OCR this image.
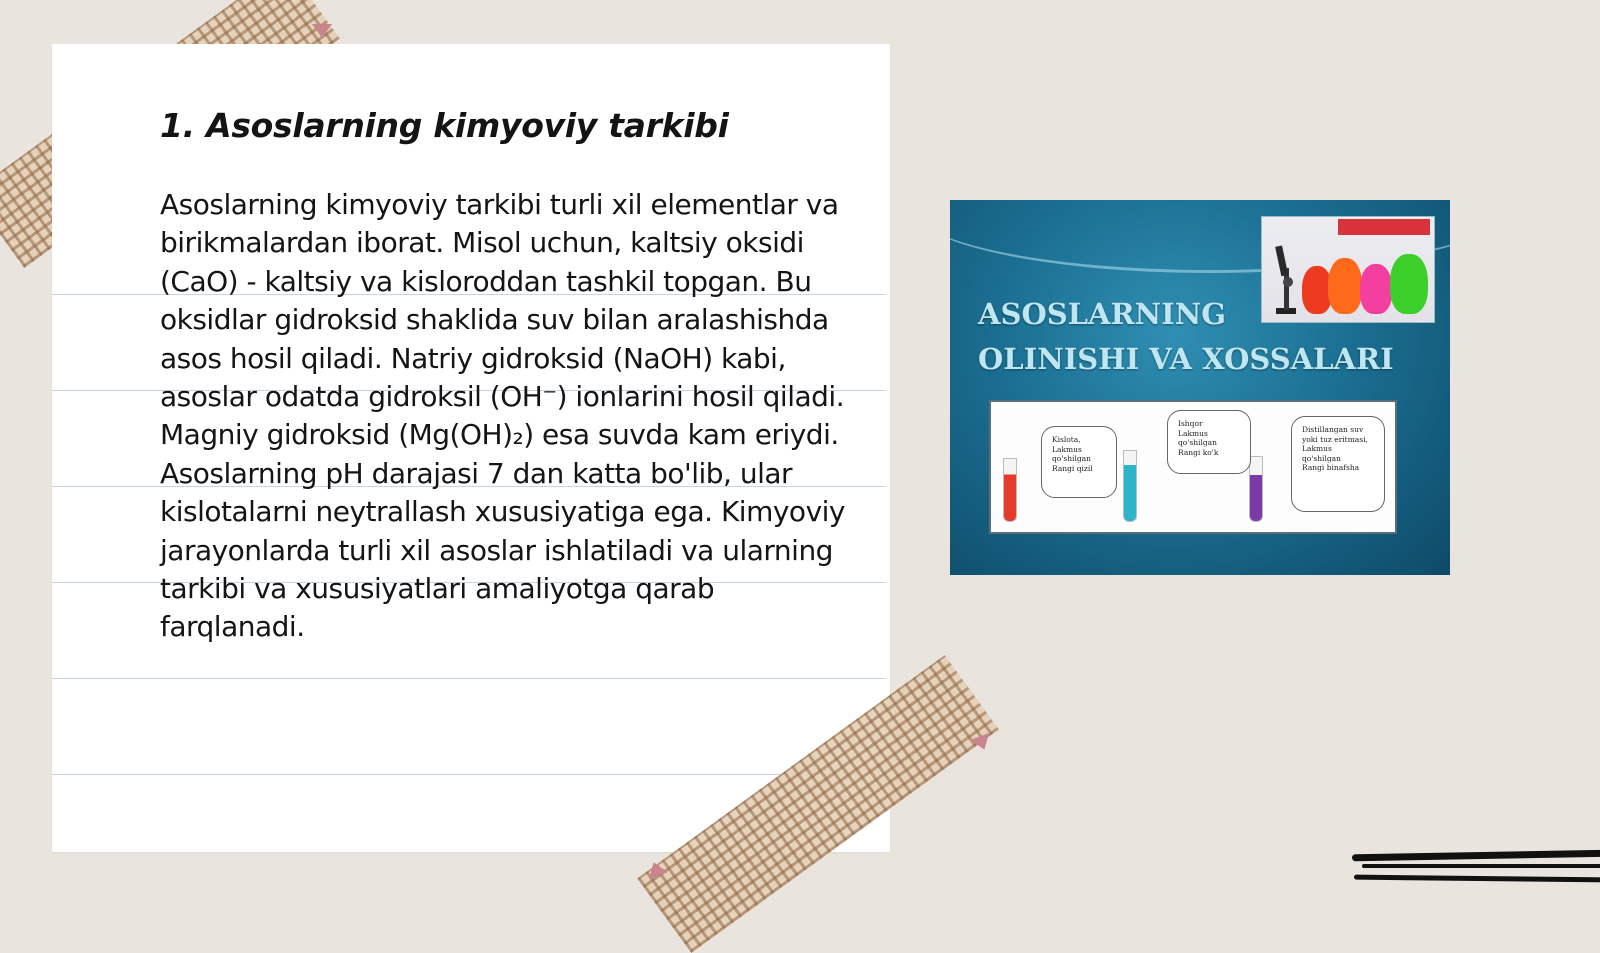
1. Asoslarning kimyoviy tarkibi

Asoslarning kimyoviy tarkibi turli xil elementlar va birikmalardan iborat. Misol uchun, kaltsiy oksidi (CaO) - kaltsiy va kisloroddan tashkil topgan. Bu oksidlar gidroksid shaklida suv bilan aralashishda asos hosil qiladi. Natriy gidroksid (NaOH) kabi, asoslar odatda gidroksil (OH⁻) ionlarini hosil qiladi. Magniy gidroksid (Mg(OH)₂) esa suvda kam eriydi. Asoslarning pH darajasi 7 dan katta bo'lib, ular kislotalarni neytrallash xususiyatiga ega. Kimyoviy jarayonlarda turli xil asoslar ishlatiladi va ularning tarkibi va xususiyatlari amaliyotga qarab farqlanadi.

ASOSLARNING
OLINISHI VA XOSSALARI

Kislota,
Lakmus
qo'shilgan
Rangi qizil
Ishqor
Lakmus
qo'shilgan
Rangi ko'k
Distillangan suv
yoki tuz eritmasi,
Lakmus
qo'shilgan
Rangi binafsha
